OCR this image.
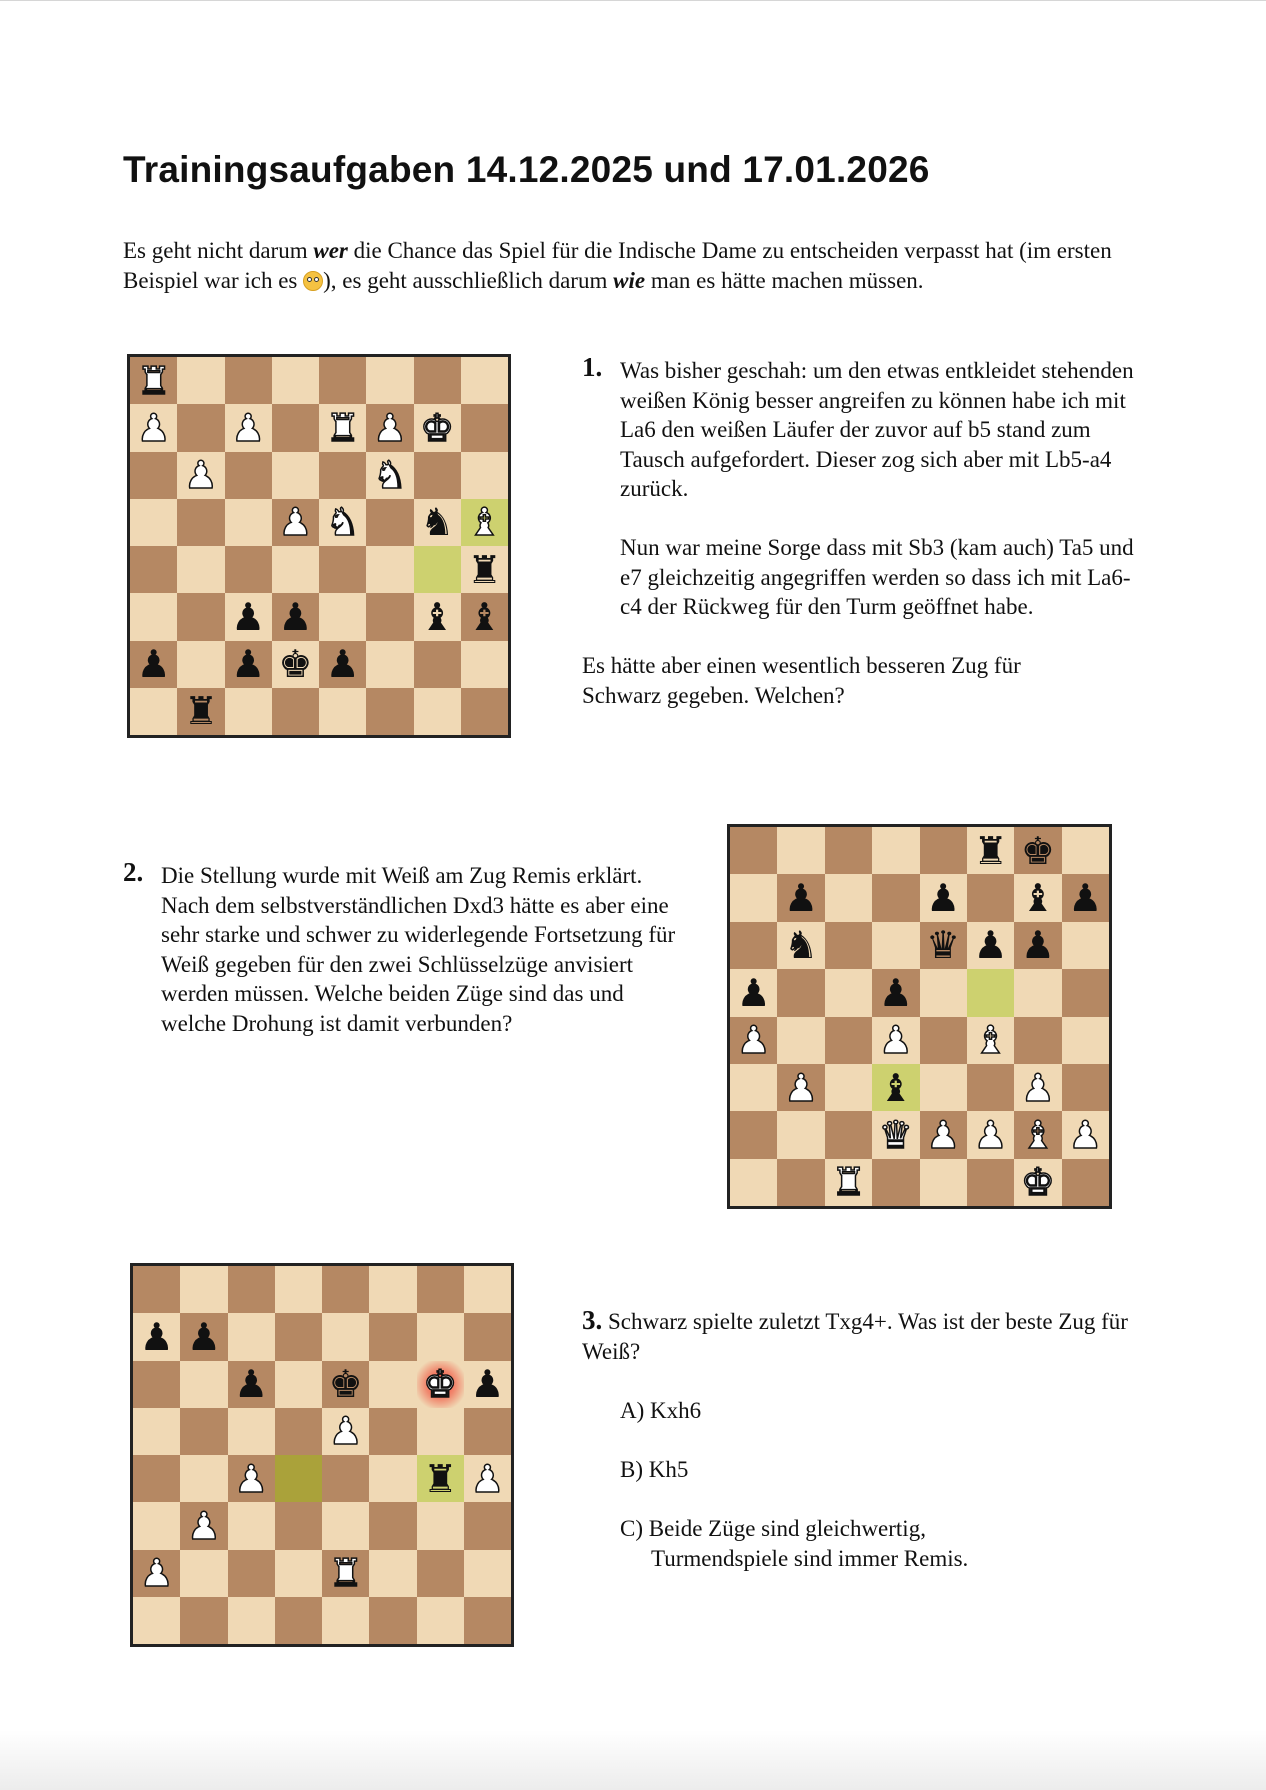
Trainingsaufgaben 14.12.2025 und 17.01.2026
Es geht nicht darum wer die Chance das Spiel für die Indische Dame zu entscheiden verpasst hat (im ersten Beispiel war ich es ), es geht ausschließlich darum wie man es hätte machen müssen.
♜
♟ ♟ ♜ ♟ ♚
♟	♞
♟ ♞ ♞ ♝
♜
♟ ♟	♝ ♝
♟ ♟ ♚ ♟
♜
1. Was bisher geschah: um den etwas entkleidet stehenden weißen König besser angreifen zu können habe ich mit La6 den weißen Läufer der zuvor auf b5 stand zum Tausch aufgefordert. Dieser zog sich aber mit Lb5-a4 zurück.
Nun war meine Sorge dass mit Sb3 (kam auch) Ta5 und e7 gleichzeitig angegriffen werden so dass ich mit La6-c4 der Rückweg für den Turm geöffnet habe.
Es hätte aber einen wesentlich besseren Zug für Schwarz gegeben. Welchen?
2. Die Stellung wurde mit Weiß am Zug Remis erklärt. Nach dem selbstverständlichen Dxd3 hätte es aber eine sehr starke und schwer zu widerlegende Fortsetzung für Weiß gegeben für den zwei Schlüsselzüge anvisiert werden müssen. Welche beiden Züge sind das und welche Drohung ist damit verbunden?
♜ ♚
♟	♟ ♝ ♟
♞	♛ ♟ ♟
♟	♟
♟	♟ ♝
♟ ♝	♟
♛ ♟ ♟ ♝ ♟
♜	♚
♟ ♟
♟ ♚ ♚ ♟
♟
♟	♜ ♟
♟
♟	♜
3. Schwarz spielte zuletzt Txg4+. Was ist der beste Zug für Weiß?
A) Kxh6
B) Kh5
C) Beide Züge sind gleichwertig,
Turmendspiele sind immer Remis.
